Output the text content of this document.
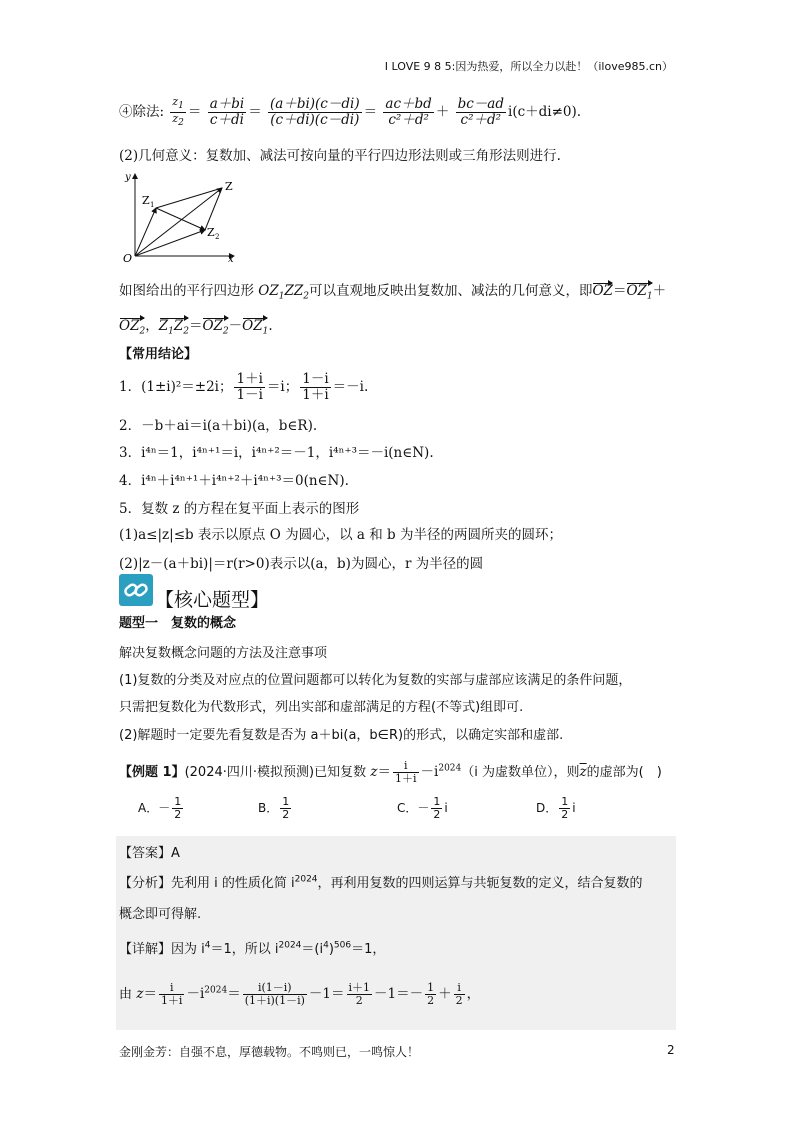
I LOVE 9 8 5:因为热爱，所以全力以赴！（ilove985.cn）
④除法: $\frac{z_1}{z_2} = \frac{a+bi}{c+di} = \frac{(a+bi)(c-di)}{(c+di)(c-di)} = \frac{ac+bd}{\text{c²＋d²}} + \frac{bc-ad}{\text{c²＋d²}} i(c+di\ne 0)$.
(2)几何意义：复数加、减法可按向量的平行四边形法则或三角形法则进行.
y
x
O
Z
Z 1
Z 2
如图给出的平行四边形 $OZ_1ZZ_2$可以直观地反映出复数加、减法的几何意义，即$OZ=OZ_1+$
$OZ_2$，$Z_1Z_2=OZ_2-OZ_1$.
【常用结论】
1．(1±i)²＝±2i； $\frac{1+i}{1-i} =i$； $\frac{1-i}{1+i} =-i$.
2．－b＋ai＝i(a＋bi)(a，b∈R).
3．i⁴ⁿ＝1，i⁴ⁿ⁺¹＝i，i⁴ⁿ⁺²＝－1，i⁴ⁿ⁺³＝－i(n∈N).
4．i⁴ⁿ＋i⁴ⁿ⁺¹＋i⁴ⁿ⁺²＋i⁴ⁿ⁺³＝0(n∈N).
5．复数 z 的方程在复平面上表示的图形
(1)a≤|z|≤b 表示以原点 O 为圆心，以 a 和 b 为半径的两圆所夹的圆环；
(2)|z－(a＋bi)|＝r(r>0)表示以(a，b)为圆心，r 为半径的圆
【核心题型】
题型一　复数的概念
解决复数概念问题的方法及注意事项
(1)复数的分类及对应点的位置问题都可以转化为复数的实部与虚部应该满足的条件问题，
只需把复数化为代数形式，列出实部和虚部满足的方程(不等式)组即可.
(2)解题时一定要先看复数是否为 a＋bi(a，b∈R)的形式，以确定实部和虚部.
【例题 1】(2024·四川·模拟预测)已知复数 $z= \frac{i}{1+i} -i^{2024}(i$ 为虚数单位），则$\overline{z}$的虚部为(　)
A．－ $\frac{1}{2}$	B． $\frac{1}{2}$	C．－ $\frac{1}{2}$ i	D． $\frac{1}{2}$ i
【答案】A
【分析】先利用 i 的性质化简 $i^{2024}$，再利用复数的四则运算与共轭复数的定义，结合复数的
概念即可得解.
【详解】因为 $i^4=1$，所以 $i^{2024}=(i^4)^{506}=1$，
由 $z= \frac{i}{1+i} -i^{2024}= \frac{i(1-i)}{(1+i)(1-i)} -1= \frac{i+1}{2} -1=- \frac{1}{2} + \frac{i}{2}$ ，
金刚金芳：自强不息，厚德载物。不鸣则已，一鸣惊人！	2
